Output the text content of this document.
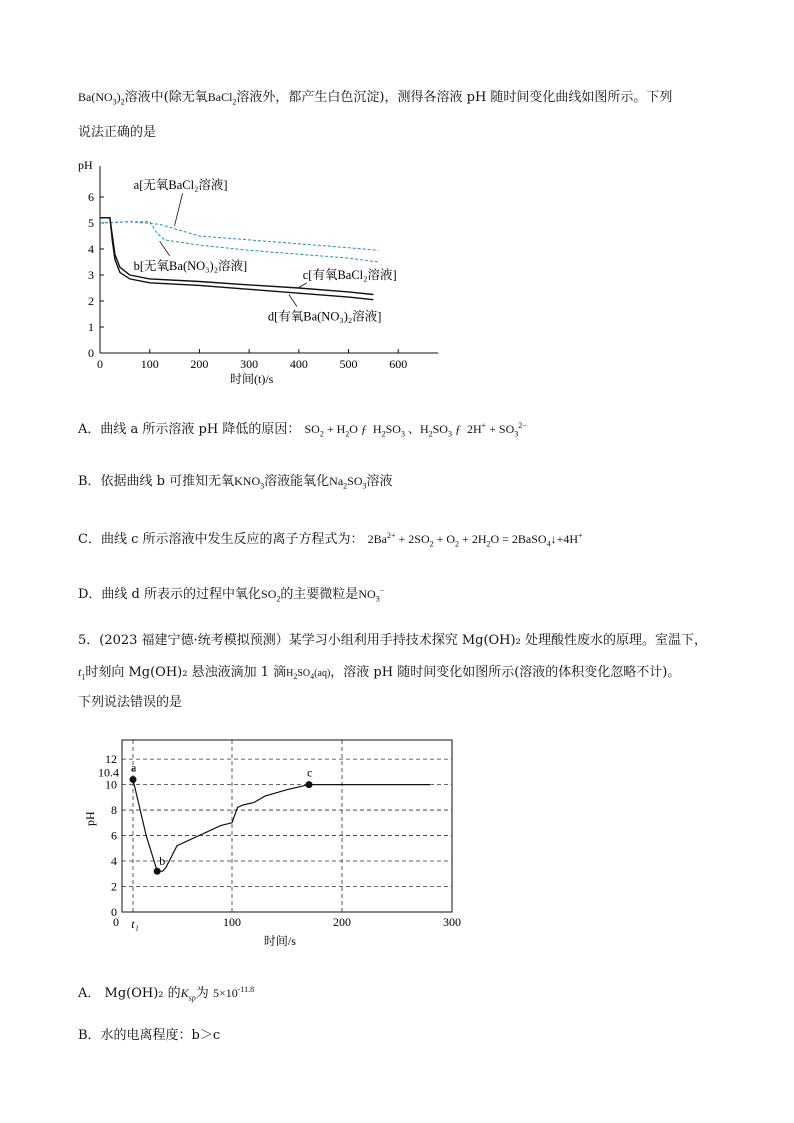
$Ba(NO_3)_2$溶液中(除无氧BaCl$_2$溶液外，都产生白色沉淀)，测得各溶液 pH 随时间变化曲线如图所示。下列
说法正确的是
pH
时间(t)/s
0	100	200	300	400	500	600
0
1
2
3
4
5
6
a[无氧BaCl₂溶液]
b[无氧Ba(NO₃)₂溶液]
c[有氧BaCl₂溶液]
d[有氧Ba(NO₃)₂溶液]
A．曲线 a 所示溶液 pH 降低的原因： $SO_2 + H_2O$ ƒ  $H_2SO_3$ 、$H_2SO_3$ ƒ  $2H^+ + SO_3^{2-}$
B．依据曲线 b 可推知无氧$KNO_3$溶液能氧化$Na_2SO_3$溶液
C．曲线 c 所示溶液中发生反应的离子方程式为： $2Ba^{2+} + 2SO_2 + O_2 + 2H_2O$ = 2BaSO$_4$↓+4H+
D．曲线 d 所表示的过程中氧化$SO_2$的主要微粒是$NO_3^-$
5．(2023 福建宁德·统考模拟预测）某学习小组利用手持技术探究 Mg(OH)₂ 处理酸性废水的原理。室温下，
$t_1$时刻向 Mg(OH)₂ 悬浊液滴加 1 滴$H_2SO_4(aq)$，溶液 pH 随时间变化如图所示(溶液的体积变化忽略不计)。
下列说法错误的是
pH
时间/s
0
2
4
6
8
10
12
10.4
0	100	200	300
t₁
a
b
c
A． Mg(OH)₂ 的$K_{sp}$为 $5\times 10^{-11.8}$
B．水的电离程度：b＞c
